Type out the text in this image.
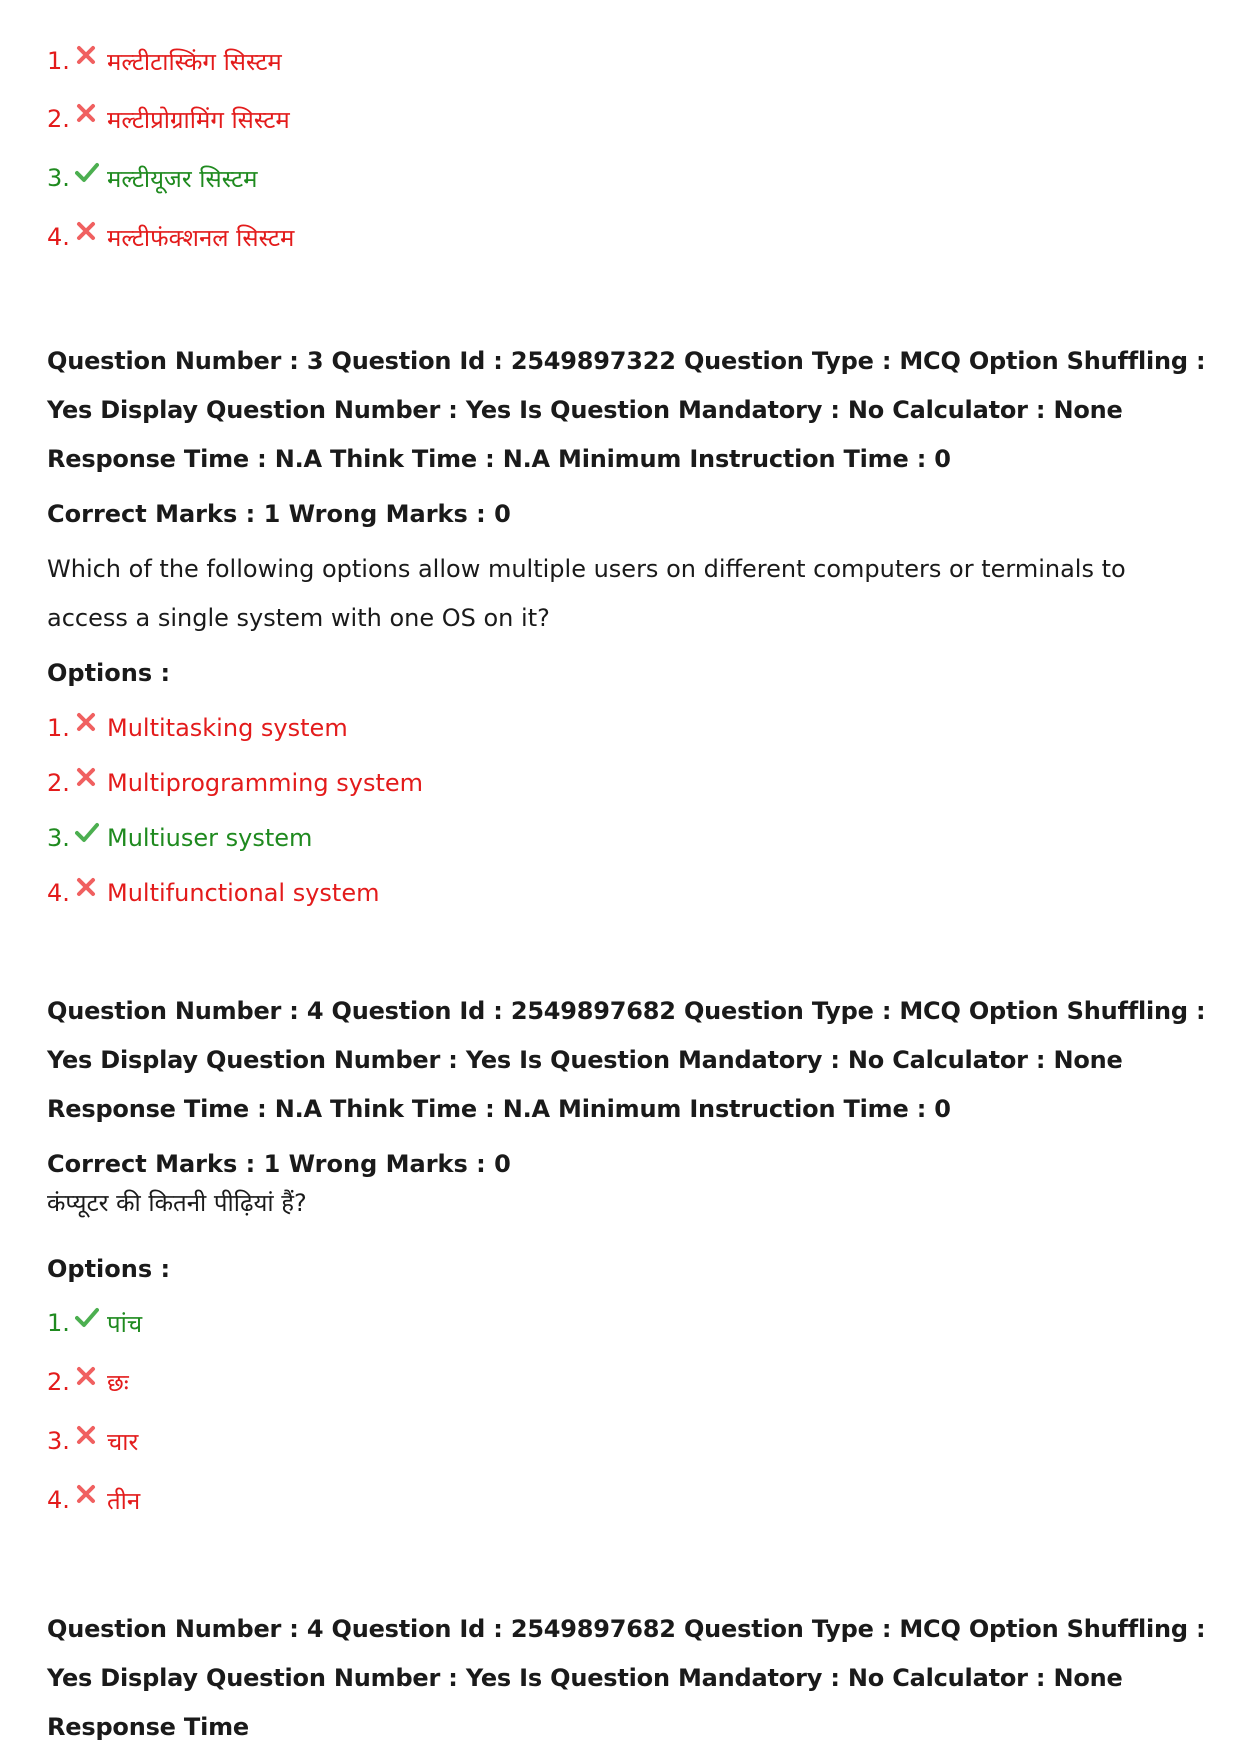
1. मल्टीटास्किंग सिस्टम
2. मल्टीप्रोग्रामिंग सिस्टम
3. मल्टीयूजर सिस्टम
4. मल्टीफंक्शनल सिस्टम
Question Number : 3 Question Id : 2549897322 Question Type : MCQ Option Shuffling : Yes Display Question Number : Yes Is Question Mandatory : No Calculator : None Response Time : N.A Think Time : N.A Minimum Instruction Time : 0
Correct Marks : 1 Wrong Marks : 0
Which of the following options allow multiple users on different computers or terminals to access a single system with one OS on it?
Options :
1. Multitasking system
2. Multiprogramming system
3. Multiuser system
4. Multifunctional system
Question Number : 4 Question Id : 2549897682 Question Type : MCQ Option Shuffling : Yes Display Question Number : Yes Is Question Mandatory : No Calculator : None Response Time : N.A Think Time : N.A Minimum Instruction Time : 0
Correct Marks : 1 Wrong Marks : 0
कंप्यूटर की कितनी पीढ़ियां हैं?
Options :
1. पांच
2. छः
3. चार
4. तीन
Question Number : 4 Question Id : 2549897682 Question Type : MCQ Option Shuffling : Yes Display Question Number : Yes Is Question Mandatory : No Calculator : None Response Time
